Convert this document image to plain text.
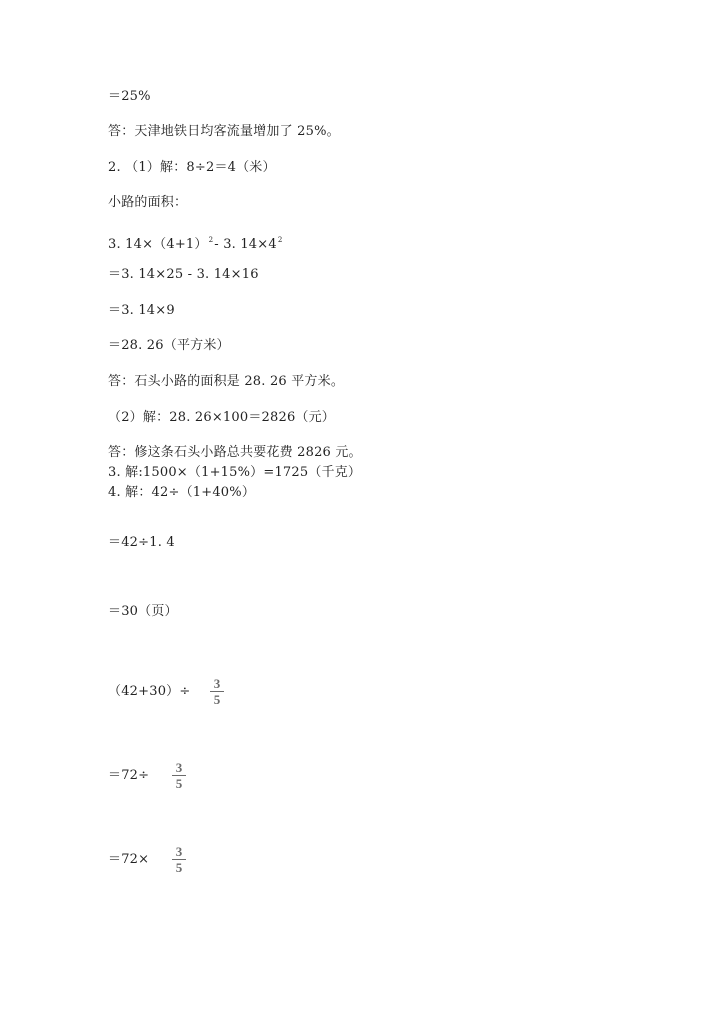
＝25%
答：天津地铁日均客流量增加了 25%。
2. （1）解：8÷2＝4（米）
小路的面积：
3. $14\times(4+1)^2-$ 3. $14\times 4^2$
＝3. 14×25 - 3. 14×16
＝3. 14×9
＝28. 26（平方米）
答：石头小路的面积是 28. 26 平方米。
（2）解：28. 26×100＝2826（元）
答：修这条石头小路总共要花费 2826 元。
3. 解:1500×（1+15%）=1725（千克）
4. 解：42÷（1+40%）
＝42÷1. 4
＝30（页）
（42+30）÷
3
5
＝72÷
3
5
＝72×
3
5
